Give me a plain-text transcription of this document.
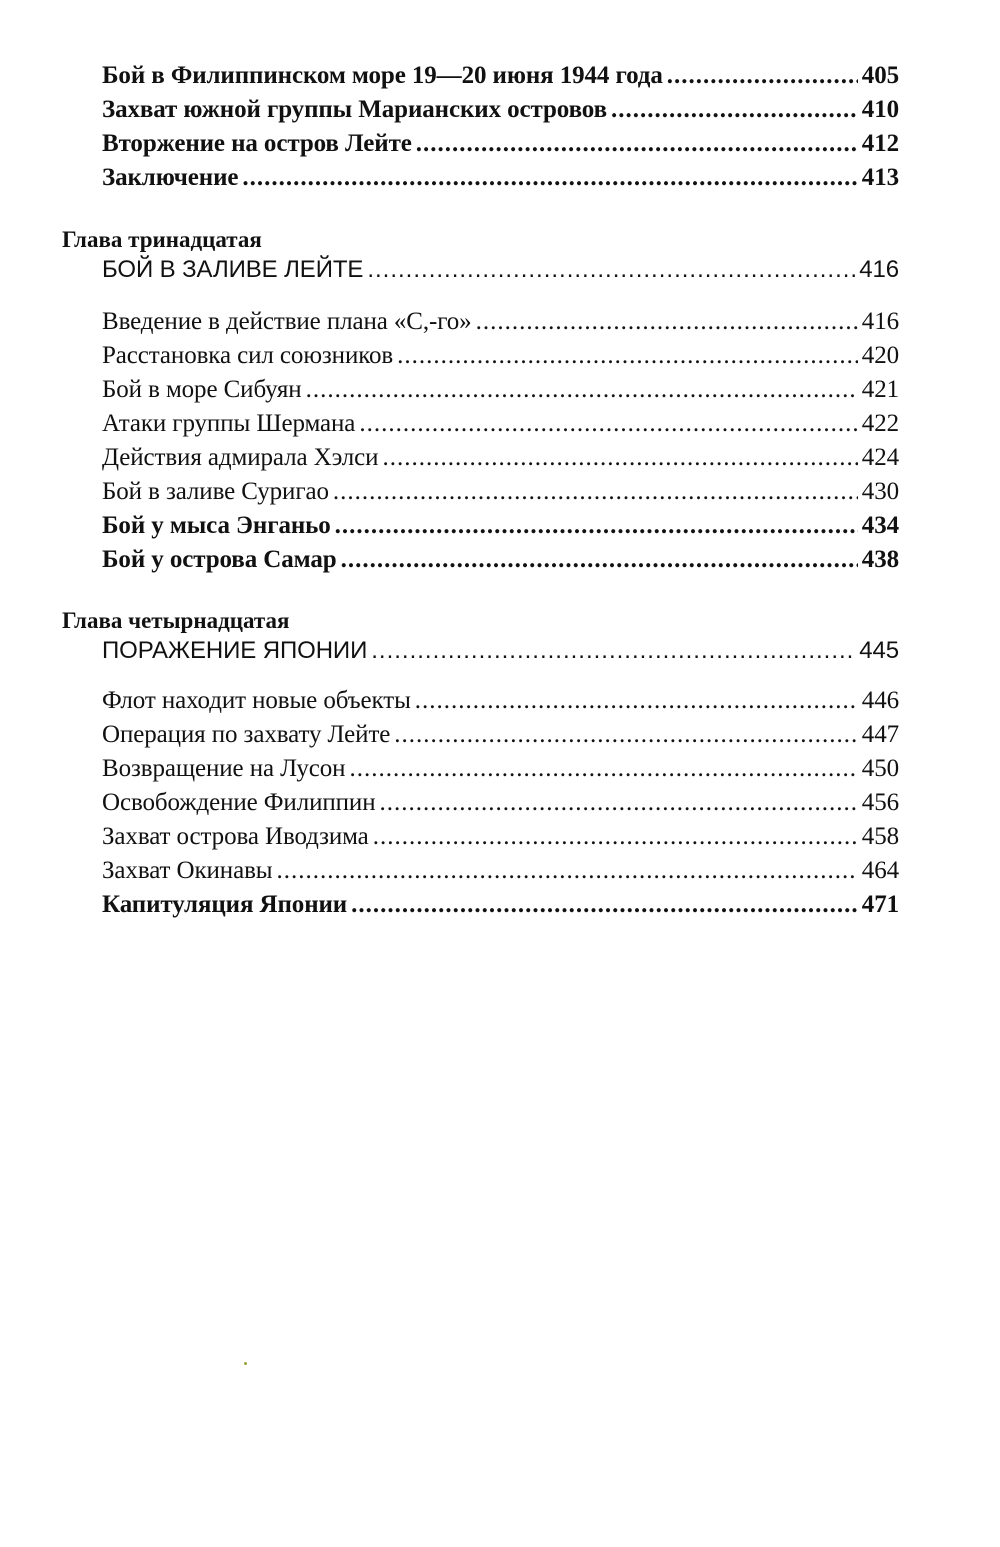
Бой в Филиппинском море 19—20 июня 1944 года .....	405
Захват южной группы Марианских островов .....	410
Вторжение на остров Лейте .....	412
Заключение .....	413
Глава тринадцатая
БОЙ В ЗАЛИВЕ ЛЕЙТЕ .....	416
Введение в действие плана «С,-го» .....	416
Расстановка сил союзников .....	420
Бой в море Сибуян .....	421
Атаки группы Шермана .....	422
Действия адмирала Хэлси .....	424
Бой в заливе Суригао .....	430
Бой у мыса Энганьо .....	434
Бой у острова Самар .....	438
Глава четырнадцатая
ПОРАЖЕНИЕ ЯПОНИИ .....	445
Флот находит новые объекты .....	446
Операция по захвату Лейте .....	447
Возвращение на Лусон .....	450
Освобождение Филиппин .....	456
Захват острова Иводзима .....	458
Захват Окинавы .....	464
Капитуляция Японии .....	471
